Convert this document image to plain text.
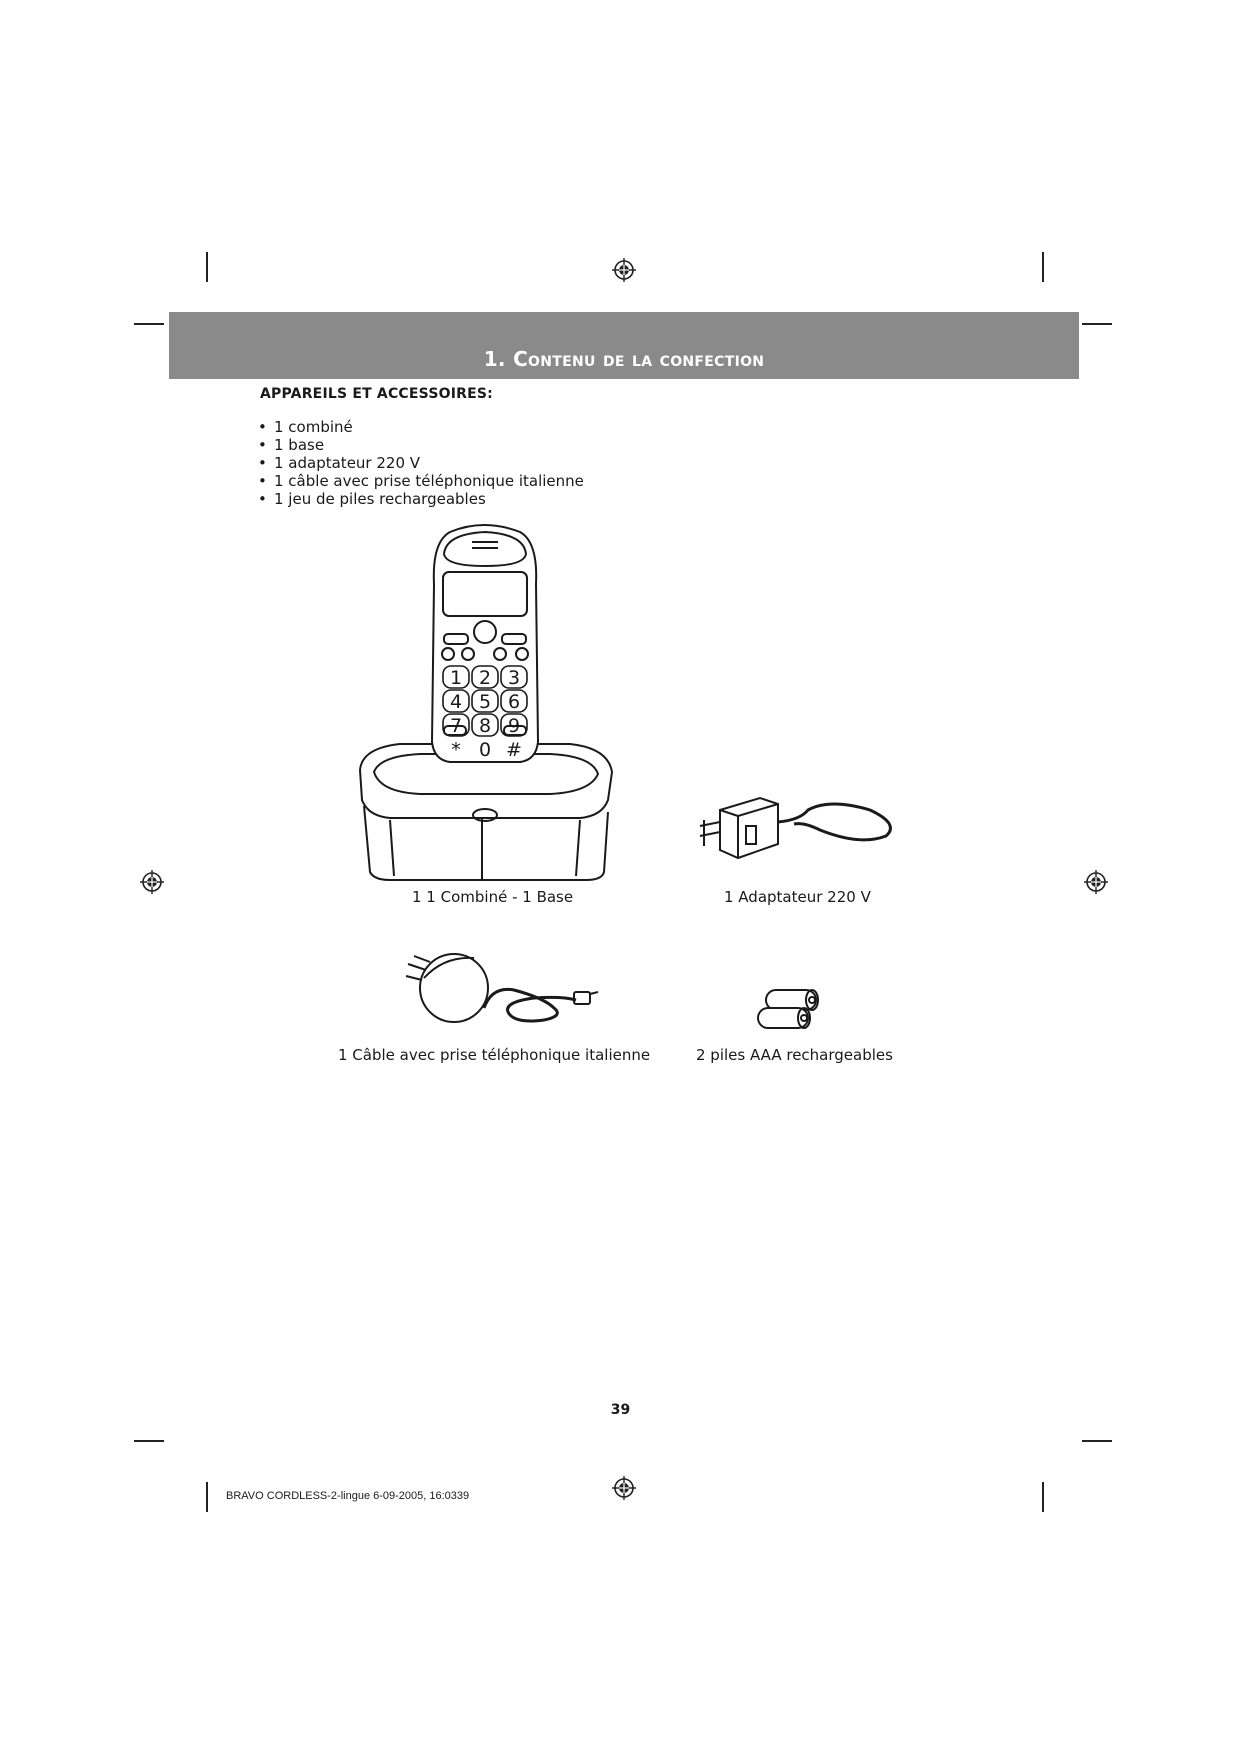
1. Contenu de la confection
APPAREILS ET ACCESSOIRES:
• 1 combiné
• 1 base
• 1 adaptateur 220 V
• 1 câble avec prise téléphonique italienne
• 1 jeu de piles rechargeables
1 2 3
4 5 6
7 8 9
* 0 #
1 1 Combiné - 1 Base	1 Adaptateur 220 V
1 Câble avec prise téléphonique italienne	2 piles AAA rechargeables
39
BRAVO CORDLESS-2-lingue 6-09-2005, 16:0339
